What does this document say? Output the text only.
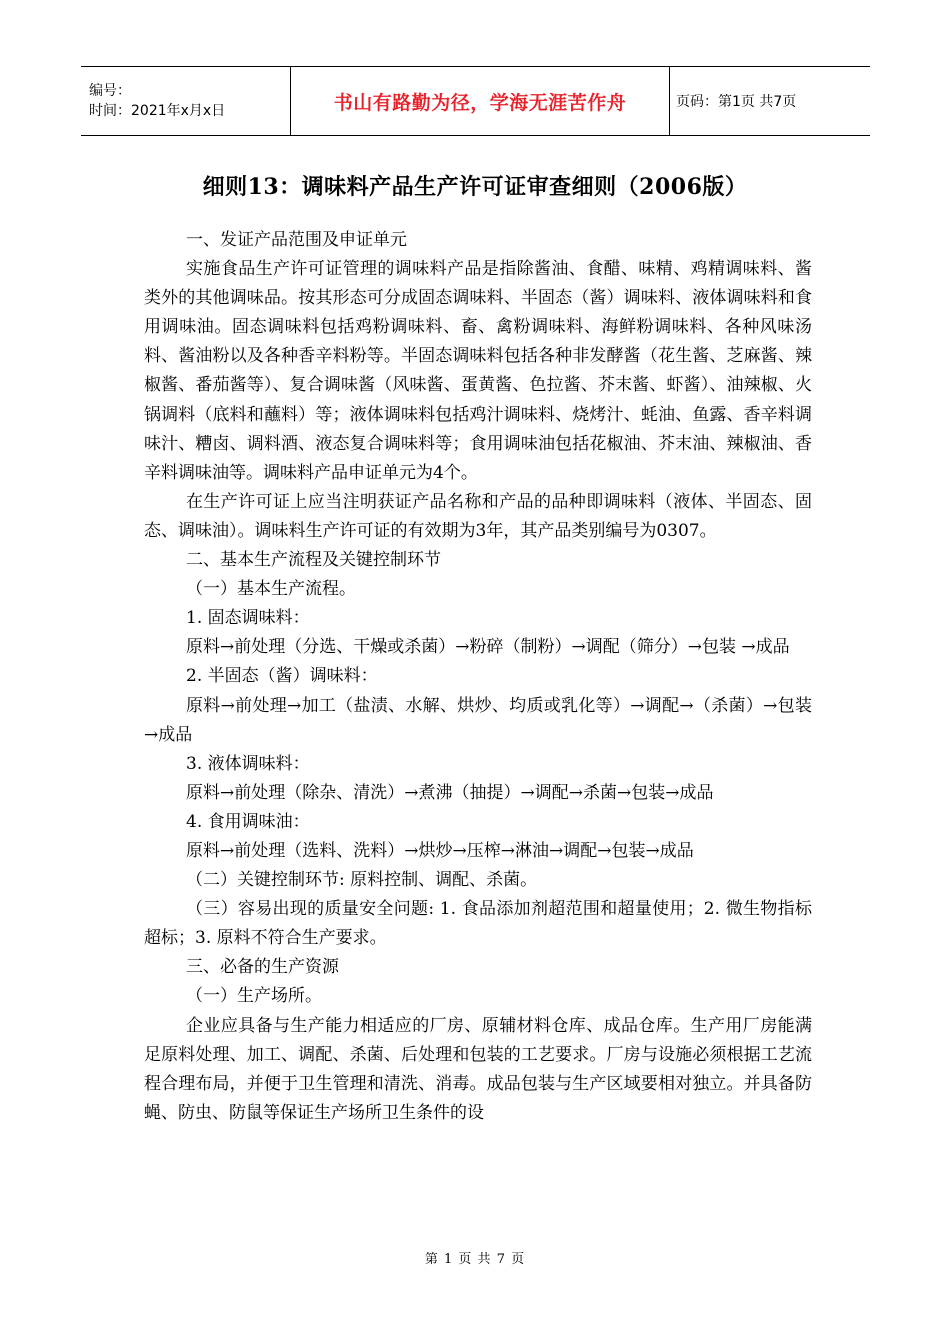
编号：
时间：2021年x月x日	书山有路勤为径，学海无涯苦作舟	页码：第1页 共7页
细则13：调味料产品生产许可证审查细则（2006版）

一、发证产品范围及申证单元

实施食品生产许可证管理的调味料产品是指除酱油、食醋、味精、鸡精调味料、酱类外的其他调味品。按其形态可分成固态调味料、半固态（酱）调味料、液体调味料和食用调味油。固态调味料包括鸡粉调味料、畜、禽粉调味料、海鲜粉调味料、各种风味汤料、酱油粉以及各种香辛料粉等。半固态调味料包括各种非发酵酱（花生酱、芝麻酱、辣椒酱、番茄酱等）、复合调味酱（风味酱、蛋黄酱、色拉酱、芥末酱、虾酱）、油辣椒、火锅调料（底料和蘸料）等；液体调味料包括鸡汁调味料、烧烤汁、蚝油、鱼露、香辛料调味汁、糟卤、调料酒、液态复合调味料等；食用调味油包括花椒油、芥末油、辣椒油、香辛料调味油等。调味料产品申证单元为4个。

在生产许可证上应当注明获证产品名称和产品的品种即调味料（液体、半固态、固态、调味油）。调味料生产许可证的有效期为3年，其产品类别编号为0307。

二、基本生产流程及关键控制环节

（一）基本生产流程。

1. 固态调味料：

原料→前处理（分选、干燥或杀菌）→粉碎（制粉）→调配（筛分）→包装 →成品

2. 半固态（酱）调味料：

原料→前处理→加工（盐渍、水解、烘炒、均质或乳化等）→调配→（杀菌）→包装 →成品

3. 液体调味料：

原料→前处理（除杂、清洗）→煮沸（抽提）→调配→杀菌→包装→成品

4. 食用调味油：

原料→前处理（选料、洗料）→烘炒→压榨→淋油→调配→包装→成品

（二）关键控制环节: 原料控制、调配、杀菌。

（三）容易出现的质量安全问题: 1. 食品添加剂超范围和超量使用；2. 微生物指标超标；3. 原料不符合生产要求。

三、必备的生产资源

（一）生产场所。

企业应具备与生产能力相适应的厂房、原辅材料仓库、成品仓库。生产用厂房能满足原料处理、加工、调配、杀菌、后处理和包装的工艺要求。厂房与设施必须根据工艺流程合理布局，并便于卫生管理和清洗、消毒。成品包装与生产区域要相对独立。并具备防蝇、防虫、防鼠等保证生产场所卫生条件的设

第 1 页 共 7 页
